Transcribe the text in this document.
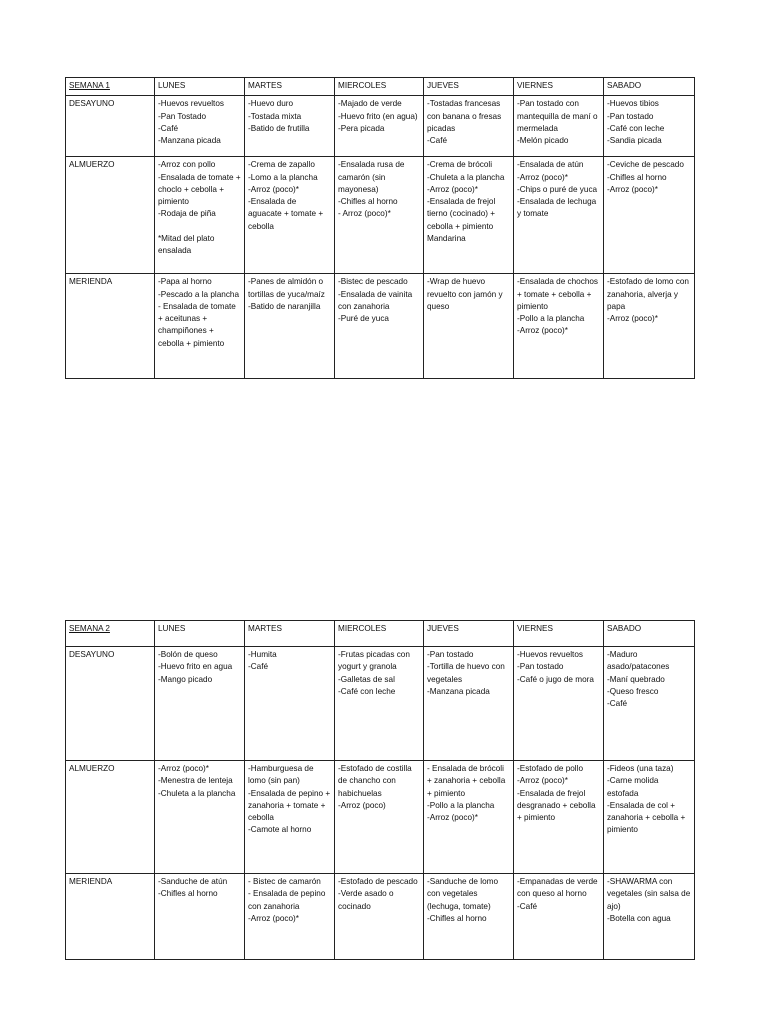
SEMANA 1	LUNES	MARTES	MIERCOLES	JUEVES	VIERNES	SABADO
DESAYUNO	-Huevos revueltos
-Pan Tostado
-Café
-Manzana picada	-Huevo duro
-Tostada mixta
-Batido de frutilla	-Majado de verde
-Huevo frito (en agua)
-Pera picada	-Tostadas francesas con banana o fresas picadas
-Café	-Pan tostado con mantequilla de maní o mermelada
-Melón picado	-Huevos tibios
-Pan tostado
-Café con leche
-Sandia picada
ALMUERZO	-Arroz con pollo
-Ensalada de tomate + choclo + cebolla + pimiento
-Rodaja de piña

*Mitad del plato ensalada	-Crema de zapallo
-Lomo a la plancha
-Arroz (poco)*
-Ensalada de aguacate + tomate + cebolla	-Ensalada rusa de camarón (sin mayonesa)
-Chifles al horno
- Arroz (poco)*	-Crema de brócoli
-Chuleta a la plancha
-Arroz (poco)*
-Ensalada de frejol tierno (cocinado) + cebolla + pimiento
Mandarina	-Ensalada de atún
-Arroz (poco)*
-Chips o puré de yuca
-Ensalada de lechuga y tomate	-Ceviche de pescado
-Chifles al horno
-Arroz (poco)*
MERIENDA	-Papa al horno
-Pescado a la plancha
- Ensalada de tomate + aceitunas + champiñones + cebolla + pimiento	-Panes de almidón o tortillas de yuca/maíz
-Batido de naranjilla	-Bistec de pescado
-Ensalada de vainita con zanahoria
-Puré de yuca	-Wrap de huevo revuelto con jamón y queso	-Ensalada de chochos + tomate + cebolla + pimiento
-Pollo a la plancha
-Arroz (poco)*	-Estofado de lomo con zanahoria, alverja y papa
-Arroz (poco)*
SEMANA 2	LUNES	MARTES	MIERCOLES	JUEVES	VIERNES	SABADO
DESAYUNO	-Bolón de queso
-Huevo frito en agua
-Mango picado	-Humita
-Café	-Frutas picadas con yogurt y granola
-Galletas de sal
-Café con leche	-Pan tostado
-Tortilla de huevo con vegetales
-Manzana picada	-Huevos revueltos
-Pan tostado
-Café o jugo de mora	-Maduro asado/patacones
-Maní quebrado
-Queso fresco
-Café
ALMUERZO	-Arroz (poco)*
-Menestra de lenteja
-Chuleta a la plancha	-Hamburguesa de lomo (sin pan)
-Ensalada de pepino + zanahoria + tomate + cebolla
-Camote al horno	-Estofado de costilla de chancho con habichuelas
-Arroz (poco)	- Ensalada de brócoli + zanahoria + cebolla + pimiento
-Pollo a la plancha
-Arroz (poco)*	-Estofado de pollo
-Arroz (poco)*
-Ensalada de frejol desgranado + cebolla + pimiento	-Fideos (una taza)
-Carne molida estofada
-Ensalada de col + zanahoria + cebolla + pimiento
MERIENDA	-Sanduche de atún
-Chifles al horno	- Bistec de camarón
- Ensalada de pepino con zanahoria
-Arroz (poco)*	-Estofado de pescado
-Verde asado o cocinado	-Sanduche de lomo con vegetales (lechuga, tomate)
-Chifles al horno	-Empanadas de verde con queso al horno
-Café	-SHAWARMA con vegetales (sin salsa de ajo)
-Botella con agua
